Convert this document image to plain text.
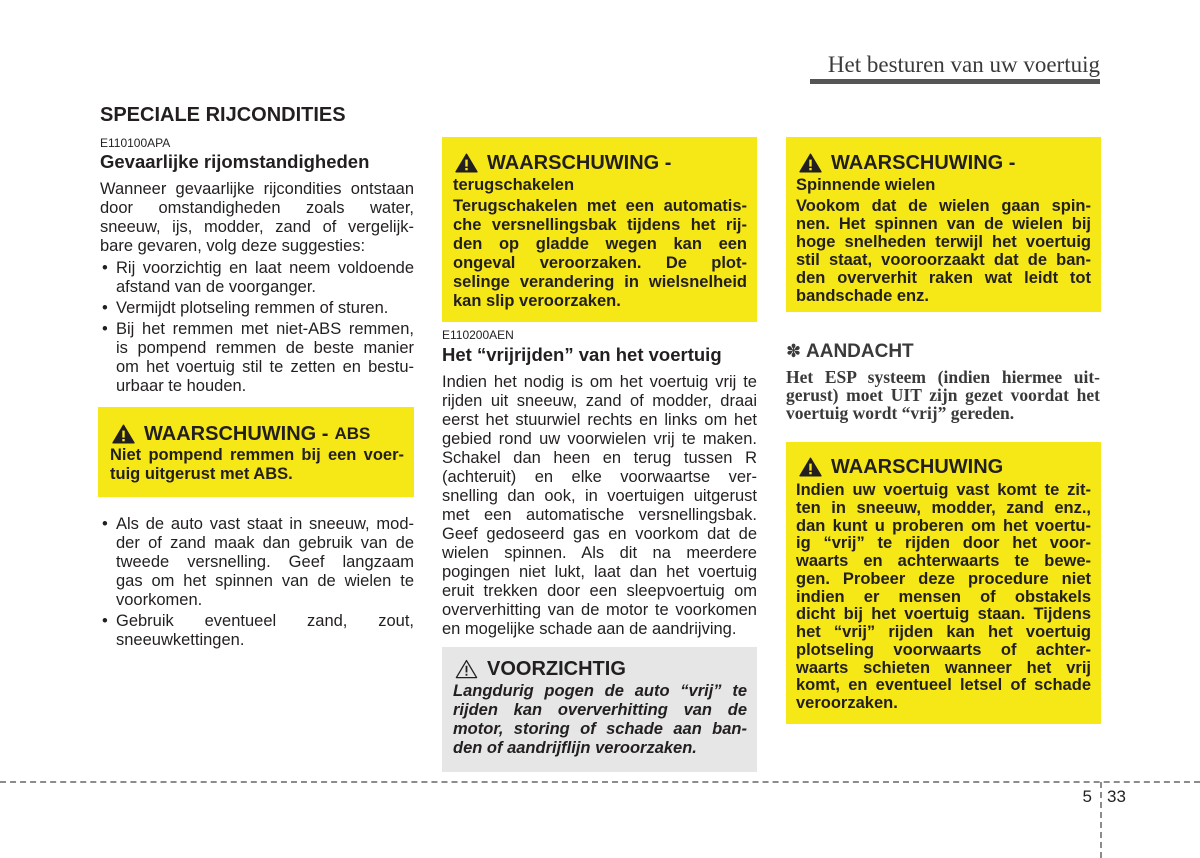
Het besturen van uw voertuig
SPECIALE RIJCONDITIES
E110100APA
Gevaarlijke rijomstandigheden
Wanneer gevaarlijke rijcondities ontstaan
door omstandigheden zoals water,
sneeuw, ijs, modder, zand of vergelijk-
bare gevaren, volg deze suggesties:
•
Rij voorzichtig en laat neem voldoende
afstand van de voorganger.
•
Vermijdt plotseling remmen of sturen.
•
Bij het remmen met niet-ABS remmen,
is pompend remmen de beste manier
om het voertuig stil te zetten en bestu-
urbaar te houden.
WAARSCHUWING - ABS
Niet pompend remmen bij een voer-
tuig uitgerust met ABS.
•
Als de auto vast staat in sneeuw, mod-
der of zand maak dan gebruik van de
tweede versnelling. Geef langzaam
gas om het spinnen van de wielen te
voorkomen.
•
Gebruik eventueel zand, zout,
sneeuwkettingen.
WAARSCHUWING -
terugschakelen
Terugschakelen met een automatis-
che versnellingsbak tijdens het rij-
den op gladde wegen kan een
ongeval veroorzaken. De plot-
selinge verandering in wielsnelheid
kan slip veroorzaken.
E110200AEN
Het “vrijrijden” van het voertuig
Indien het nodig is om het voertuig vrij te
rijden uit sneeuw, zand of modder, draai
eerst het stuurwiel rechts en links om het
gebied rond uw voorwielen vrij te maken.
Schakel dan heen en terug tussen R
(achteruit) en elke voorwaartse ver-
snelling dan ook, in voertuigen uitgerust
met een automatische versnellingsbak.
Geef gedoseerd gas en voorkom dat de
wielen spinnen. Als dit na meerdere
pogingen niet lukt, laat dan het voertuig
eruit trekken door een sleepvoertuig om
oververhitting van de motor te voorkomen
en mogelijke schade aan de aandrijving.
VOORZICHTIG
Langdurig pogen de auto “vrij” te
rijden kan oververhitting van de
motor, storing of schade aan ban-
den of aandrijflijn veroorzaken.
WAARSCHUWING -
Spinnende wielen
Vookom dat de wielen gaan spin-
nen. Het spinnen van de wielen bij
hoge snelheden terwijl het voertuig
stil staat, vooroorzaakt dat de ban-
den oververhit raken wat leidt tot
bandschade enz.
✽
AANDACHT
Het ESP systeem (indien hiermee uit-
gerust) moet UIT zijn gezet voordat het
voertuig wordt “vrij” gereden.
WAARSCHUWING
Indien uw voertuig vast komt te zit-
ten in sneeuw, modder, zand enz.,
dan kunt u proberen om het voertu-
ig “vrij” te rijden door het voor-
waarts en achterwaarts te bewe-
gen. Probeer deze procedure niet
indien er mensen of obstakels
dicht bij het voertuig staan. Tijdens
het “vrij” rijden kan het voertuig
plotseling voorwaarts of achter-
waarts schieten wanneer het vrij
komt, en eventueel letsel of schade
veroorzaken.
5 33
